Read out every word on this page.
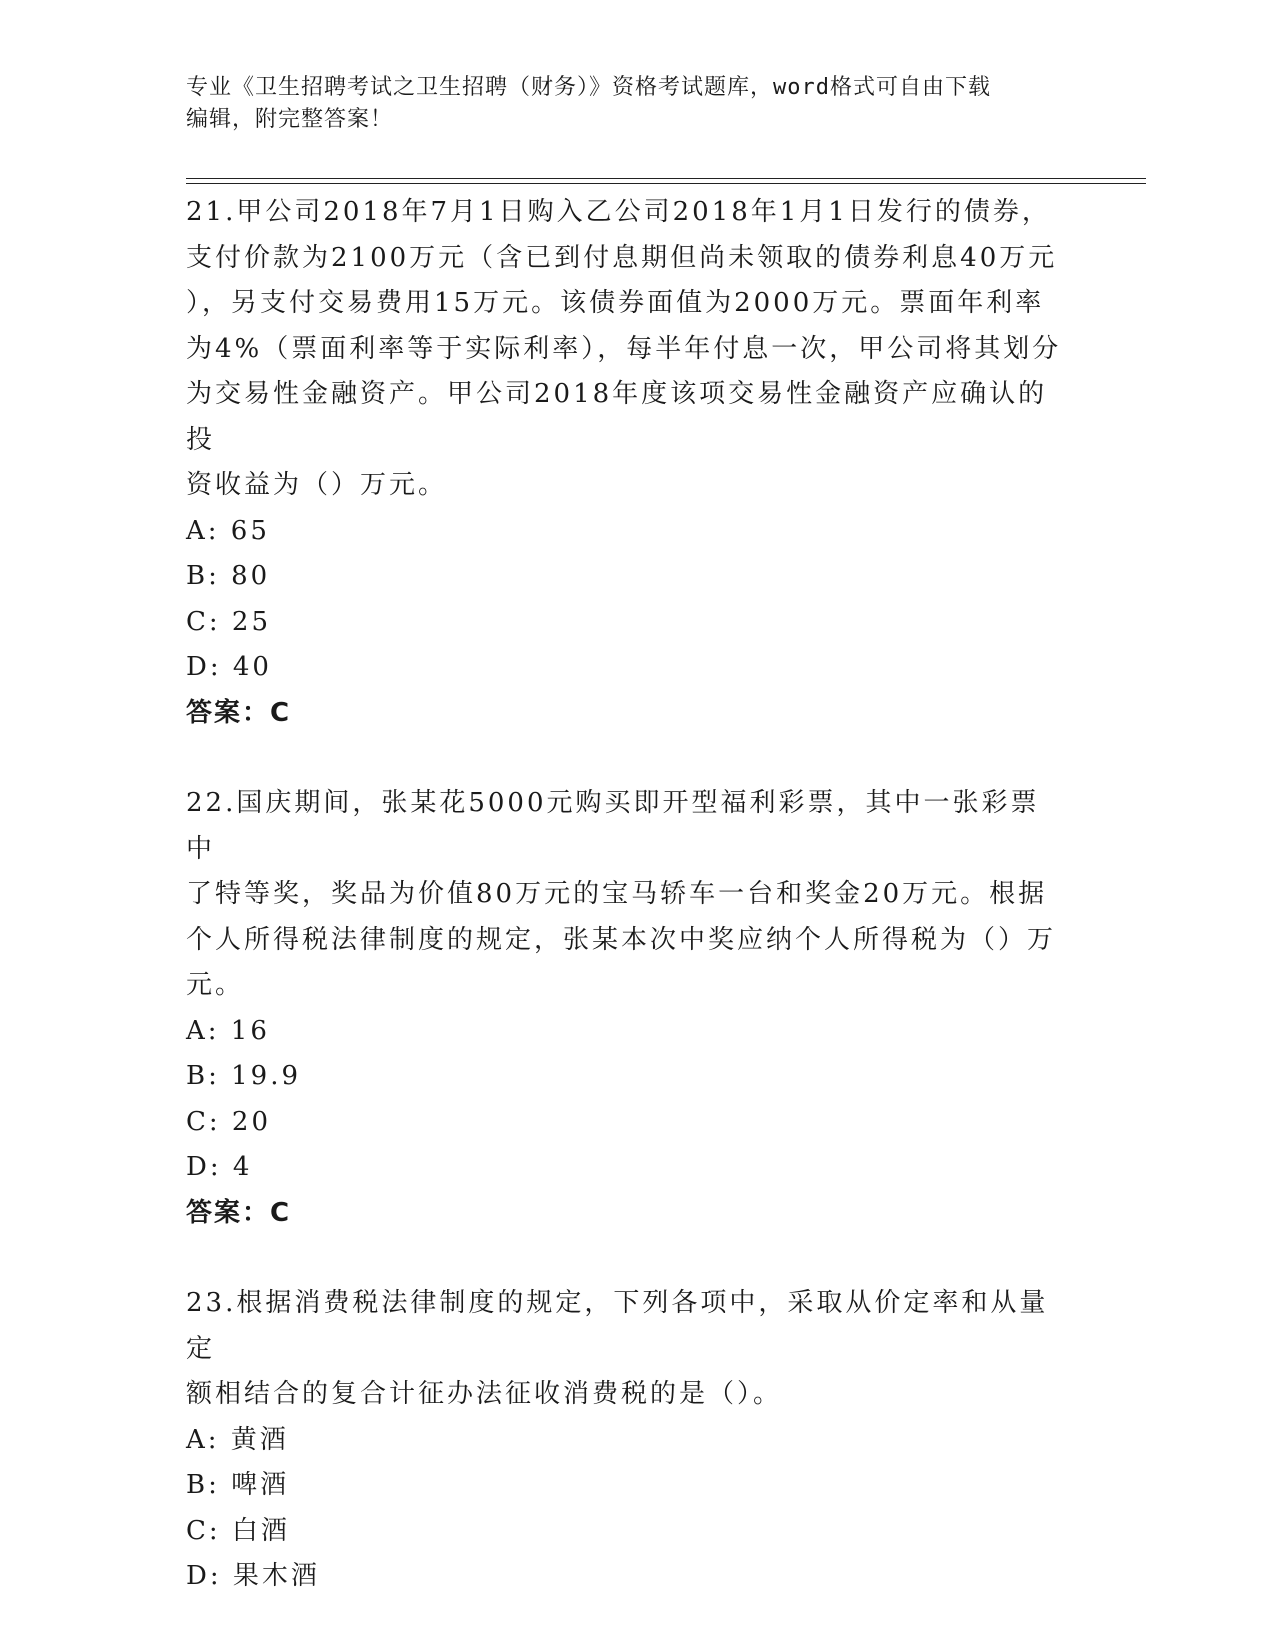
专业《卫生招聘考试之卫生招聘（财务）》资格考试题库，word格式可自由下载
编辑，附完整答案！
21.甲公司2018年7月1日购入乙公司2018年1月1日发行的债券，
支付价款为2100万元（含已到付息期但尚未领取的债券利息40万元
），另支付交易费用15万元。该债券面值为2000万元。票面年利率
为4%（票面利率等于实际利率），每半年付息一次，甲公司将其划分
为交易性金融资产。甲公司2018年度该项交易性金融资产应确认的投
资收益为（）万元。
A: 65
B: 80
C: 25
D: 40
答案：C
22.国庆期间，张某花5000元购买即开型福利彩票，其中一张彩票中
了特等奖，奖品为价值80万元的宝马轿车一台和奖金20万元。根据
个人所得税法律制度的规定，张某本次中奖应纳个人所得税为（）万
元。
A: 16
B: 19.9
C: 20
D: 4
答案：C
23.根据消费税法律制度的规定，下列各项中，采取从价定率和从量定
额相结合的复合计征办法征收消费税的是（）。
A: 黄酒
B: 啤酒
C: 白酒
D: 果木酒
